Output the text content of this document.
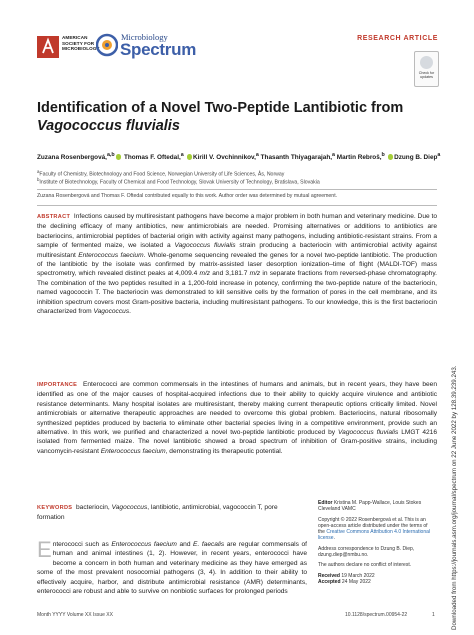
AMERICAN
SOCIETY FOR
MICROBIOLOGY
Microbiology
Spectrum
RESEARCH ARTICLE
Check for
updates
Identification of a Novel Two-Peptide Lantibiotic from
Vagococcus fluvialis
Zuzana Rosenbergová,$^{a,b}$ Thomas F. Oftedal,$^a$ Kirill V. Ovchinnikov,$^a$ Thasanth Thiyagarajah,$^a$ Martin Rebroš,$^b$ Dzung B. Diep$^a$
$^a$Faculty of Chemistry, Biotechnology and Food Science, Norwegian University of Life Sciences, Ås, Norway
$^b$Institute of Biotechnology, Faculty of Chemical and Food Technology, Slovak University of Technology, Bratislava, Slovakia
Zuzana Rosenbergová and Thomas F. Oftedal contributed equally to this work. Author order was determined by mutual agreement.
ABSTRACT Infections caused by multiresistant pathogens have become a major problem in both human and veterinary medicine. Due to the declining efficacy of many antibiotics, new antimicrobials are needed. Promising alternatives or additions to antibiotics are bacteriocins, antimicrobial peptides of bacterial origin with activity against many pathogens, including antibiotic-resistant strains. From a sample of fermented maize, we isolated a Vagococcus fluvialis strain producing a bacteriocin with antimicrobial activity against multiresistant Enterococcus faecium. Whole-genome sequencing revealed the genes for a novel two-peptide lantibiotic. The production of the lantibiotic by the isolate was confirmed by matrix-assisted laser desorption ionization–time of flight (MALDI-TOF) mass spectrometry, which revealed distinct peaks at 4,009.4 m/z and 3,181.7 m/z in separate fractions from reversed-phase chromatography. The combination of the two peptides resulted in a 1,200-fold increase in potency, confirming the two-peptide nature of the bacteriocin, named vagococcin T. The bacteriocin was demonstrated to kill sensitive cells by the formation of pores in the cell membrane, and its inhibition spectrum covers most Gram-positive bacteria, including multiresistant pathogens. To our knowledge, this is the first bacteriocin characterized from Vagococcus.
IMPORTANCE Enterococci are common commensals in the intestines of humans and animals, but in recent years, they have been identified as one of the major causes of hospital-acquired infections due to their ability to quickly acquire virulence and antibiotic resistance determinants. Many hospital isolates are multiresistant, thereby making current therapeutic options critically limited. Novel antimicrobials or alternative therapeutic approaches are needed to overcome this global problem. Bacteriocins, natural ribosomally synthesized peptides produced by bacteria to eliminate other bacterial species living in a competitive environment, provide such an alternative. In this work, we purified and characterized a novel two-peptide lantibiotic produced by Vagococcus fluvialis LMGT 4216 isolated from fermented maize. The novel lantibiotic showed a broad spectrum of inhibition of Gram-positive strains, including vancomycin-resistant Enterococcus faecium, demonstrating its therapeutic potential.
KEYWORDS bacteriocin, Vagococcus, lantibiotic, antimicrobial, vagococcin T, pore formation
Enterococci such as Enterococcus faecium and E. faecalis are regular commensals of human and animal intestines (1, 2). However, in recent years, enterococci have become a concern in both human and veterinary medicine as they have emerged as some of the most prevalent nosocomial pathogens (3, 4). In addition to their ability to effectively acquire, harbor, and distribute antimicrobial resistance (AMR) determinants, enterococci are robust and able to survive on nonbiotic surfaces for prolonged periods
Editor Kristina M. Papp-Wallace, Louis Stokes Cleveland VAMC
Copyright © 2022 Rosenbergová et al. This is an open-access article distributed under the terms of the Creative Commons Attribution 4.0 International license.
Address correspondence to Dzung B. Diep, dzung.diep@nmbu.no.
The authors declare no conflict of interest.
Received 19 March 2022
Accepted 24 May 2022
Month YYYY Volume XX Issue XX	10.1128/spectrum.00954-22	1	Downloaded from https://journals.asm.org/journal/spectrum on 22 June 2022 by 128.39.239.243.
